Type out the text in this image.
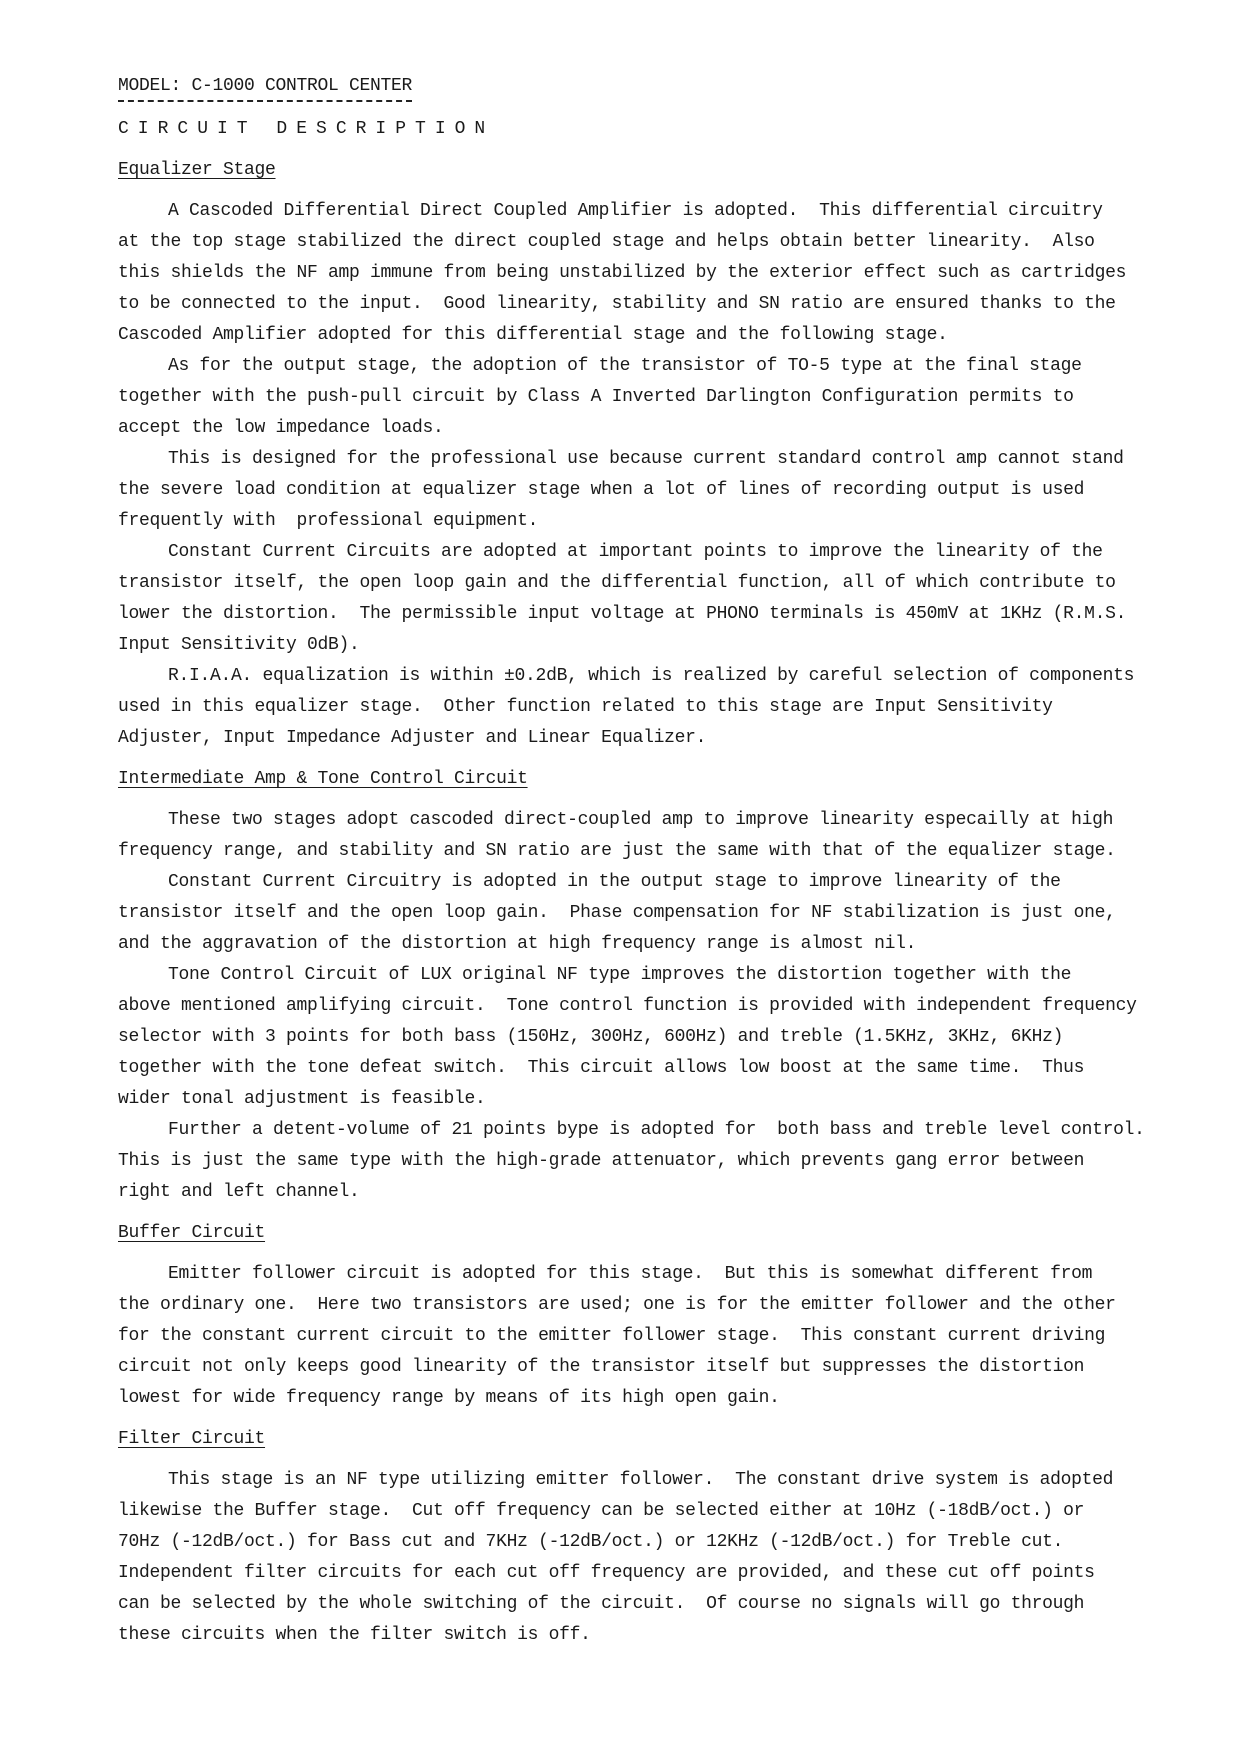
MODEL: C-1000 CONTROL CENTER
CIRCUIT DESCRIPTION
Equalizer Stage
A Cascoded Differential Direct Coupled Amplifier is adopted.  This differential circuitry
at the top stage stabilized the direct coupled stage and helps obtain better linearity.  Also
this shields the NF amp immune from being unstabilized by the exterior effect such as cartridges
to be connected to the input.  Good linearity, stability and SN ratio are ensured thanks to the
Cascoded Amplifier adopted for this differential stage and the following stage.
As for the output stage, the adoption of the transistor of TO-5 type at the final stage
together with the push-pull circuit by Class A Inverted Darlington Configuration permits to
accept the low impedance loads.
This is designed for the professional use because current standard control amp cannot stand
the severe load condition at equalizer stage when a lot of lines of recording output is used
frequently with  professional equipment.
Constant Current Circuits are adopted at important points to improve the linearity of the
transistor itself, the open loop gain and the differential function, all of which contribute to
lower the distortion.  The permissible input voltage at PHONO terminals is 450mV at 1KHz (R.M.S.
Input Sensitivity 0dB).
R.I.A.A. equalization is within ±0.2dB, which is realized by careful selection of components
used in this equalizer stage.  Other function related to this stage are Input Sensitivity
Adjuster, Input Impedance Adjuster and Linear Equalizer.
Intermediate Amp & Tone Control Circuit
These two stages adopt cascoded direct-coupled amp to improve linearity especailly at high
frequency range, and stability and SN ratio are just the same with that of the equalizer stage.
Constant Current Circuitry is adopted in the output stage to improve linearity of the
transistor itself and the open loop gain.  Phase compensation for NF stabilization is just one,
and the aggravation of the distortion at high frequency range is almost nil.
Tone Control Circuit of LUX original NF type improves the distortion together with the
above mentioned amplifying circuit.  Tone control function is provided with independent frequency
selector with 3 points for both bass (150Hz, 300Hz, 600Hz) and treble (1.5KHz, 3KHz, 6KHz)
together with the tone defeat switch.  This circuit allows low boost at the same time.  Thus
wider tonal adjustment is feasible.
Further a detent-volume of 21 points bype is adopted for  both bass and treble level control.
This is just the same type with the high-grade attenuator, which prevents gang error between
right and left channel.
Buffer Circuit
Emitter follower circuit is adopted for this stage.  But this is somewhat different from
the ordinary one.  Here two transistors are used; one is for the emitter follower and the other
for the constant current circuit to the emitter follower stage.  This constant current driving
circuit not only keeps good linearity of the transistor itself but suppresses the distortion
lowest for wide frequency range by means of its high open gain.
Filter Circuit
This stage is an NF type utilizing emitter follower.  The constant drive system is adopted
likewise the Buffer stage.  Cut off frequency can be selected either at 10Hz (-18dB/oct.) or
70Hz (-12dB/oct.) for Bass cut and 7KHz (-12dB/oct.) or 12KHz (-12dB/oct.) for Treble cut.
Independent filter circuits for each cut off frequency are provided, and these cut off points
can be selected by the whole switching of the circuit.  Of course no signals will go through
these circuits when the filter switch is off.
